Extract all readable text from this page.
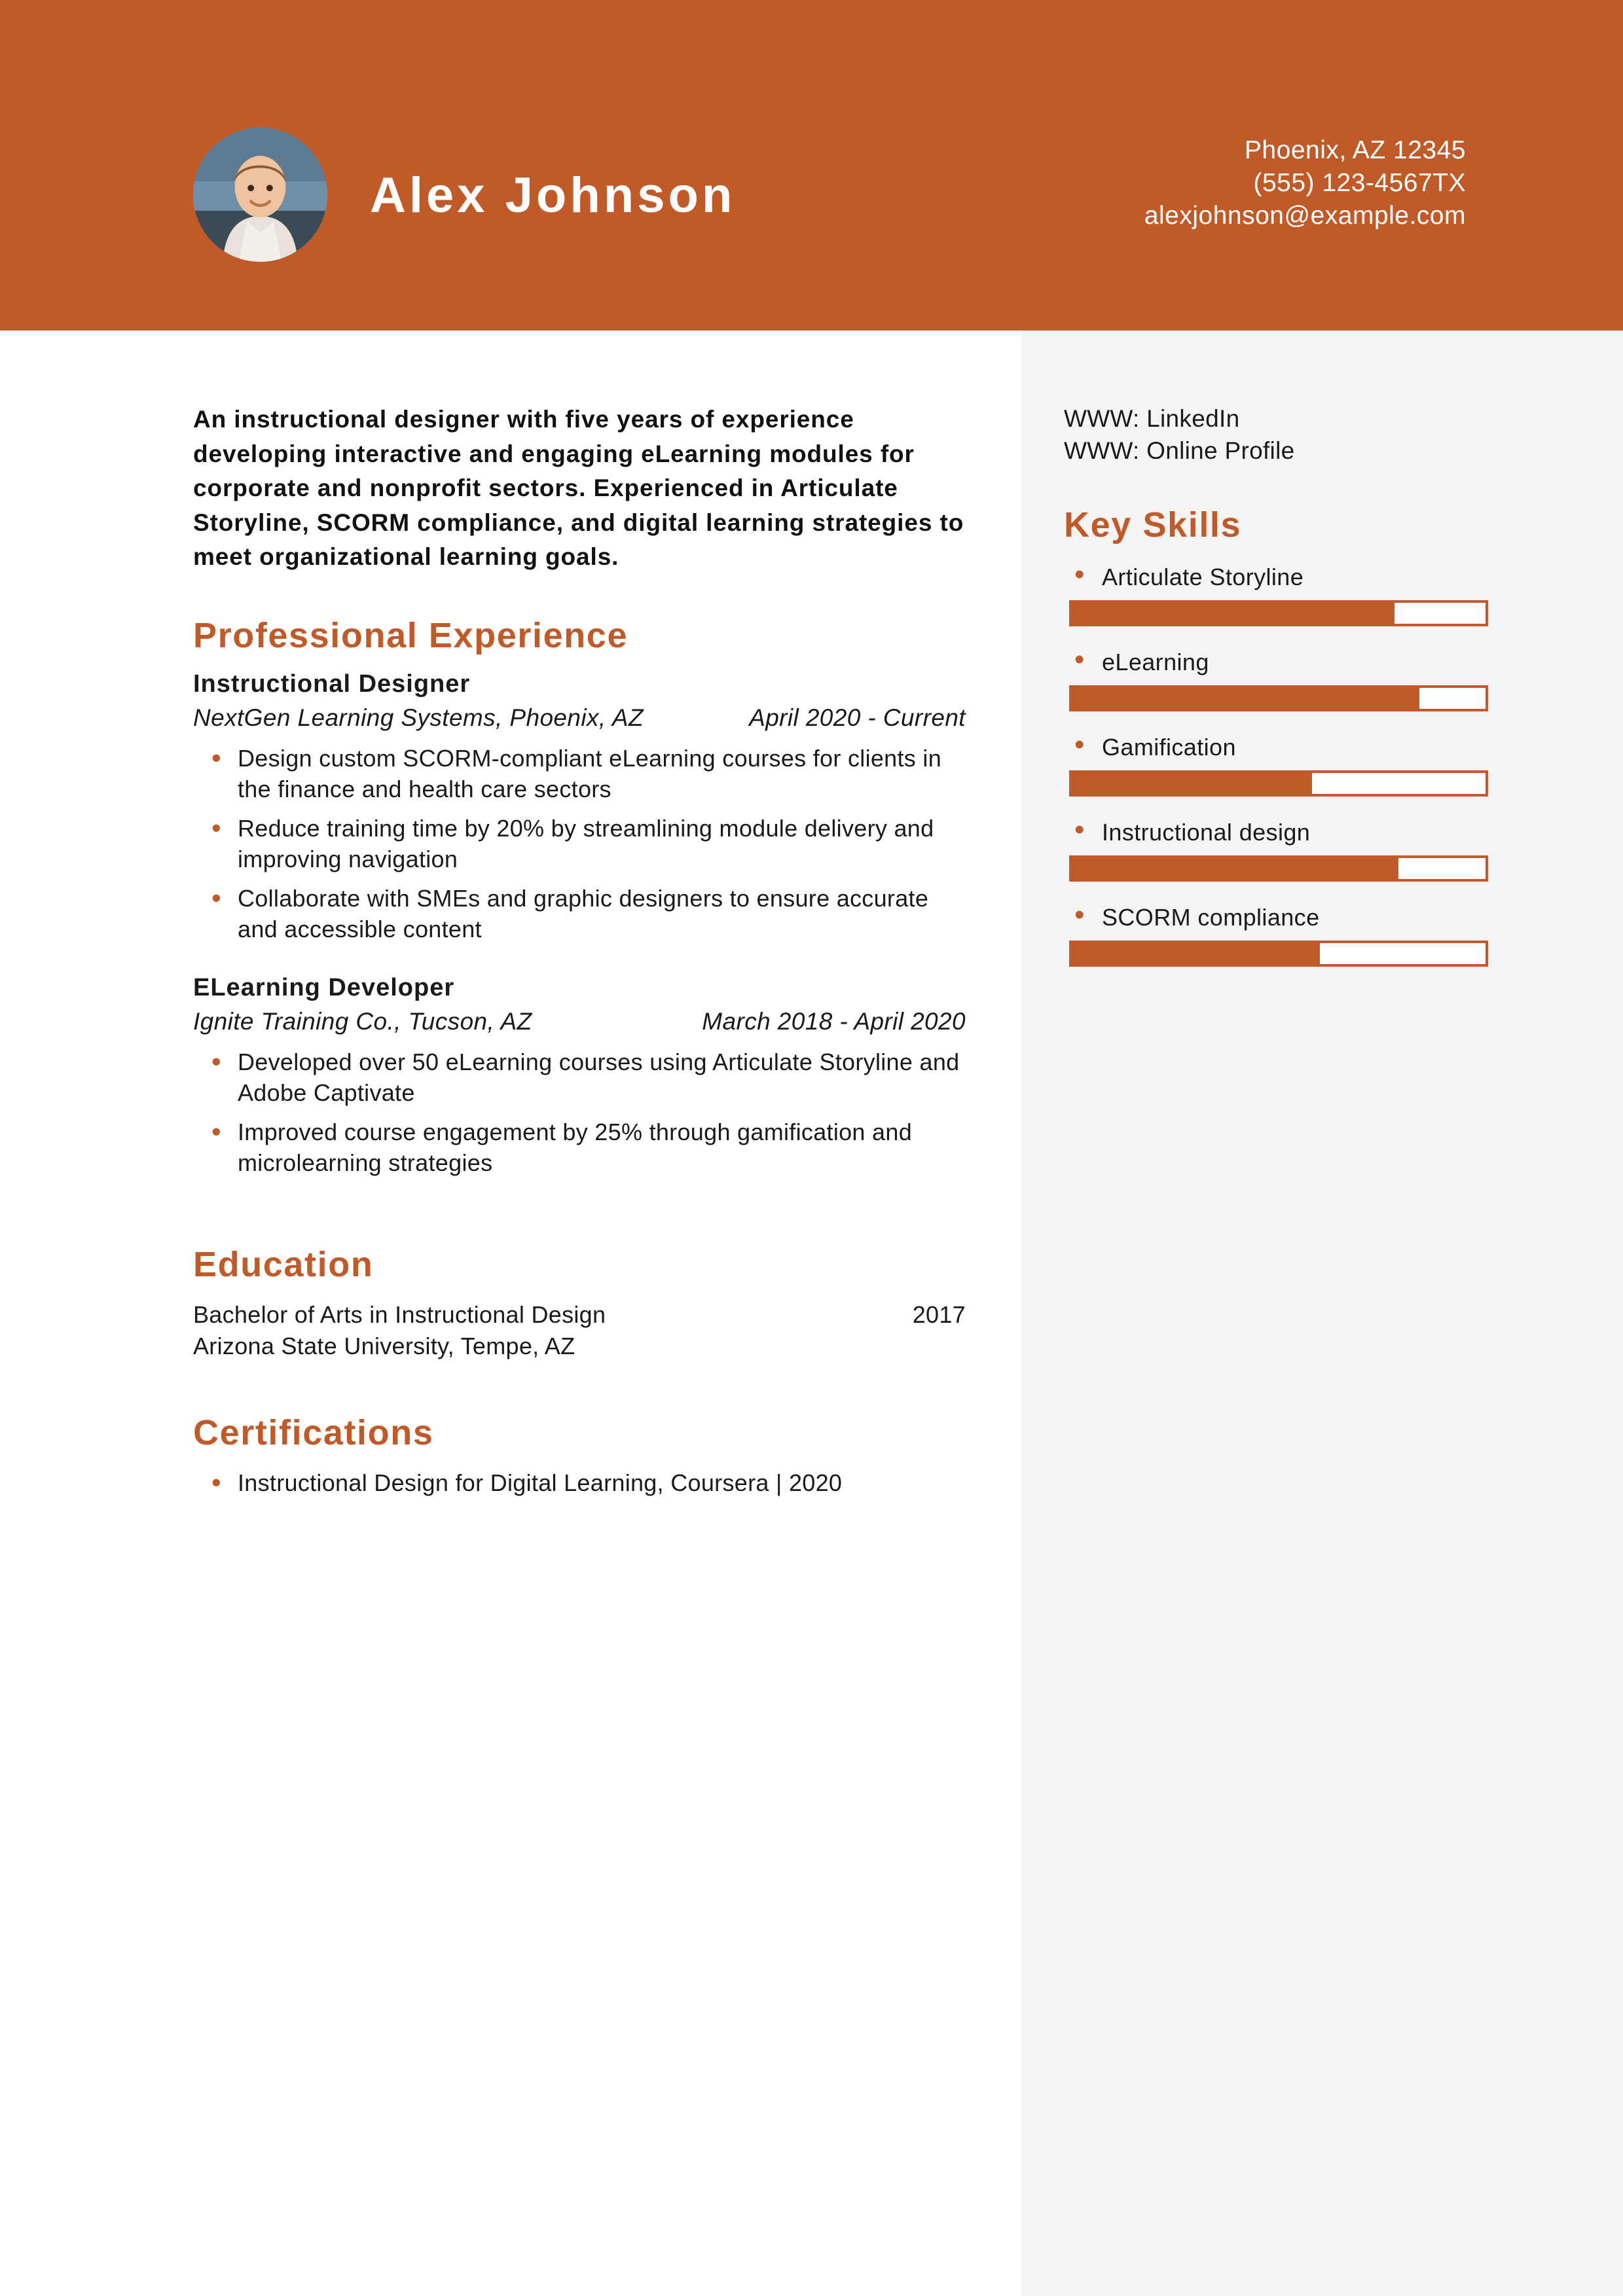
Alex Johnson
Phoenix, AZ 12345
(555) 123-4567TX
alexjohnson@example.com
An instructional designer with five years of experience developing interactive and engaging eLearning modules for corporate and nonprofit sectors. Experienced in Articulate Storyline, SCORM compliance, and digital learning strategies to meet organizational learning goals.
Professional Experience
Instructional Designer
NextGen Learning Systems, Phoenix, AZ	April 2020 - Current
• Design custom SCORM-compliant eLearning courses for clients in the finance and health care sectors
• Reduce training time by 20% by streamlining module delivery and improving navigation
• Collaborate with SMEs and graphic designers to ensure accurate and accessible content
ELearning Developer
Ignite Training Co., Tucson, AZ	March 2018 - April 2020
• Developed over 50 eLearning courses using Articulate Storyline and Adobe Captivate
• Improved course engagement by 25% through gamification and microlearning strategies
Education
Bachelor of Arts in Instructional Design	2017
Arizona State University, Tempe, AZ
Certifications
• Instructional Design for Digital Learning, Coursera | 2020
WWW: LinkedIn
WWW: Online Profile
Key Skills
• Articulate Storyline
• eLearning
• Gamification
• Instructional design
• SCORM compliance
